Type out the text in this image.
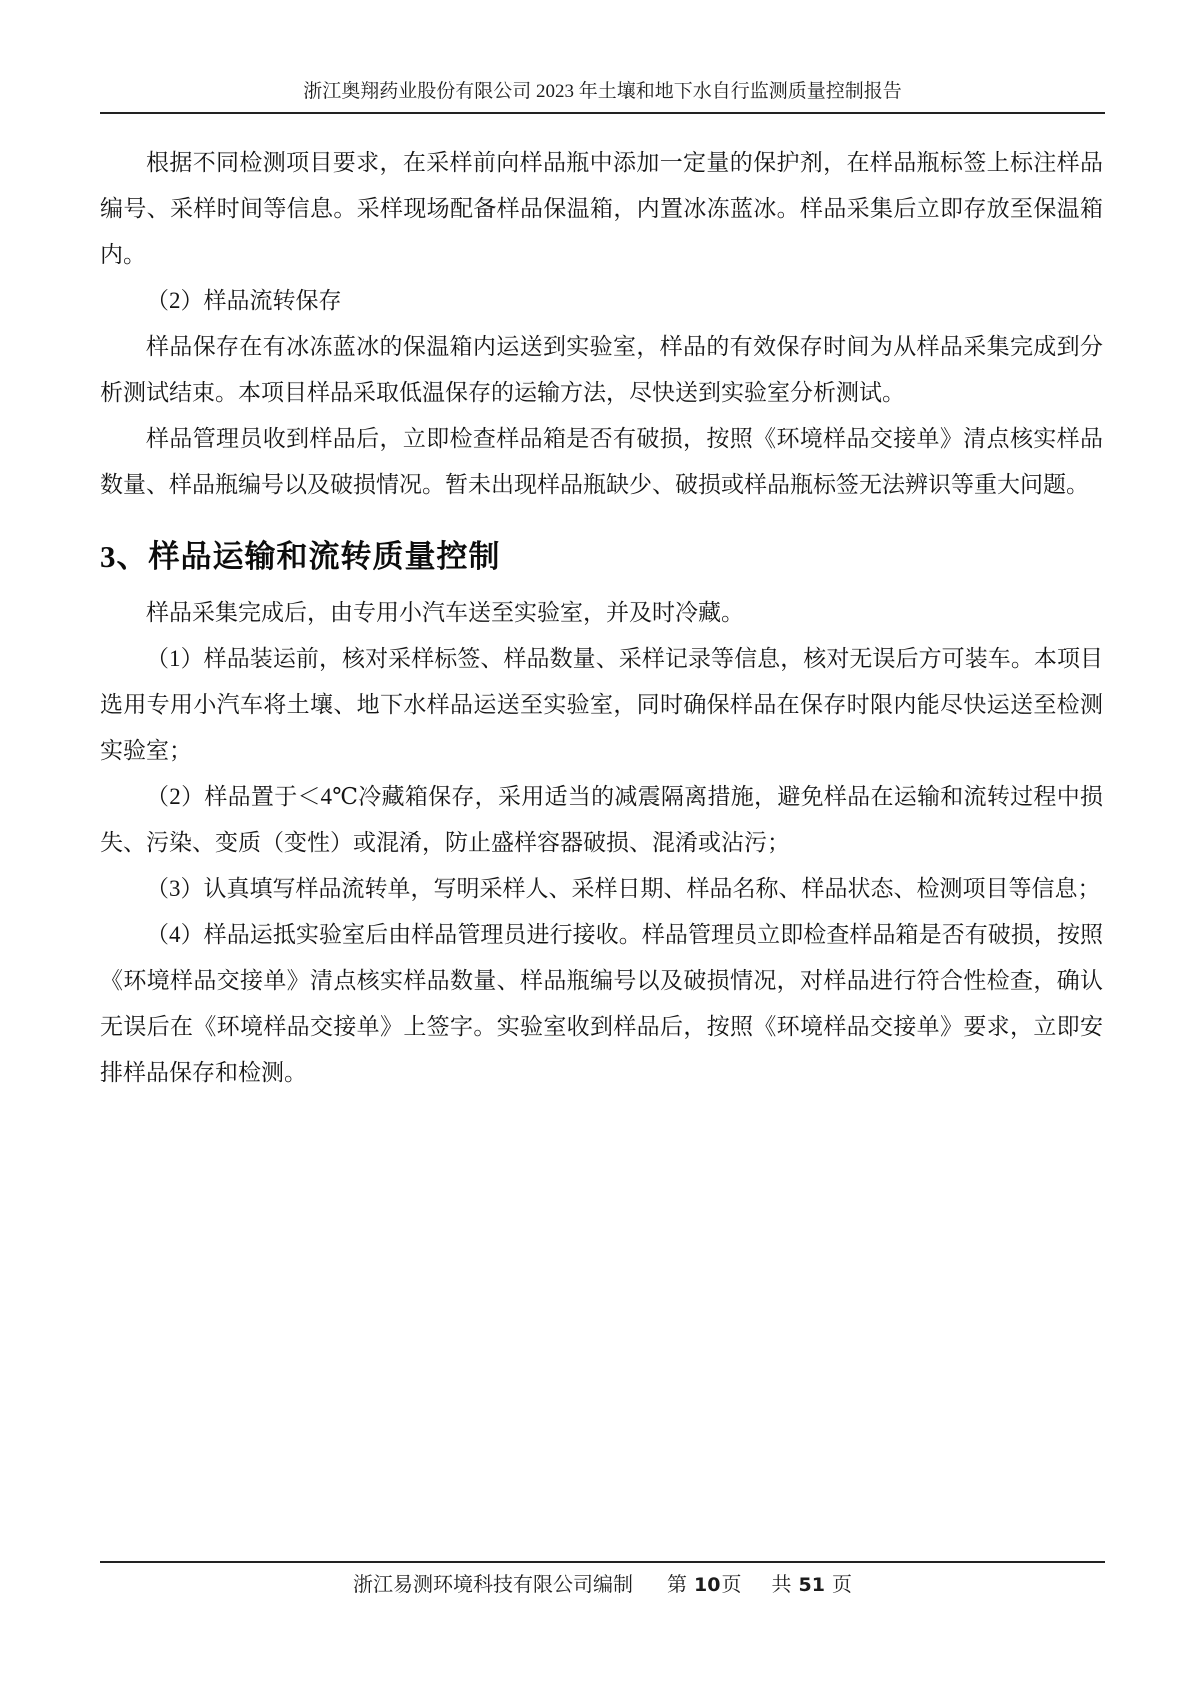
浙江奥翔药业股份有限公司 2023 年土壤和地下水自行监测质量控制报告

根据不同检测项目要求，在采样前向样品瓶中添加一定量的保护剂，在样品瓶标签上标注样品编号、采样时间等信息。采样现场配备样品保温箱，内置冰冻蓝冰。样品采集后立即存放至保温箱内。

（2）样品流转保存

样品保存在有冰冻蓝冰的保温箱内运送到实验室，样品的有效保存时间为从样品采集完成到分析测试结束。本项目样品采取低温保存的运输方法，尽快送到实验室分析测试。

样品管理员收到样品后，立即检查样品箱是否有破损，按照《环境样品交接单》清点核实样品数量、样品瓶编号以及破损情况。暂未出现样品瓶缺少、破损或样品瓶标签无法辨识等重大问题。

3、样品运输和流转质量控制

样品采集完成后，由专用小汽车送至实验室，并及时冷藏。

（1）样品装运前，核对采样标签、样品数量、采样记录等信息，核对无误后方可装车。本项目选用专用小汽车将土壤、地下水样品运送至实验室，同时确保样品在保存时限内能尽快运送至检测实验室；

（2）样品置于＜4℃冷藏箱保存，采用适当的减震隔离措施，避免样品在运输和流转过程中损失、污染、变质（变性）或混淆，防止盛样容器破损、混淆或沾污；

（3）认真填写样品流转单，写明采样人、采样日期、样品名称、样品状态、检测项目等信息；

（4）样品运抵实验室后由样品管理员进行接收。样品管理员立即检查样品箱是否有破损，按照《环境样品交接单》清点核实样品数量、样品瓶编号以及破损情况，对样品进行符合性检查，确认无误后在《环境样品交接单》上签字。实验室收到样品后，按照《环境样品交接单》要求，立即安排样品保存和检测。

浙江易测环境科技有限公司编制 第 10页 共 51 页
